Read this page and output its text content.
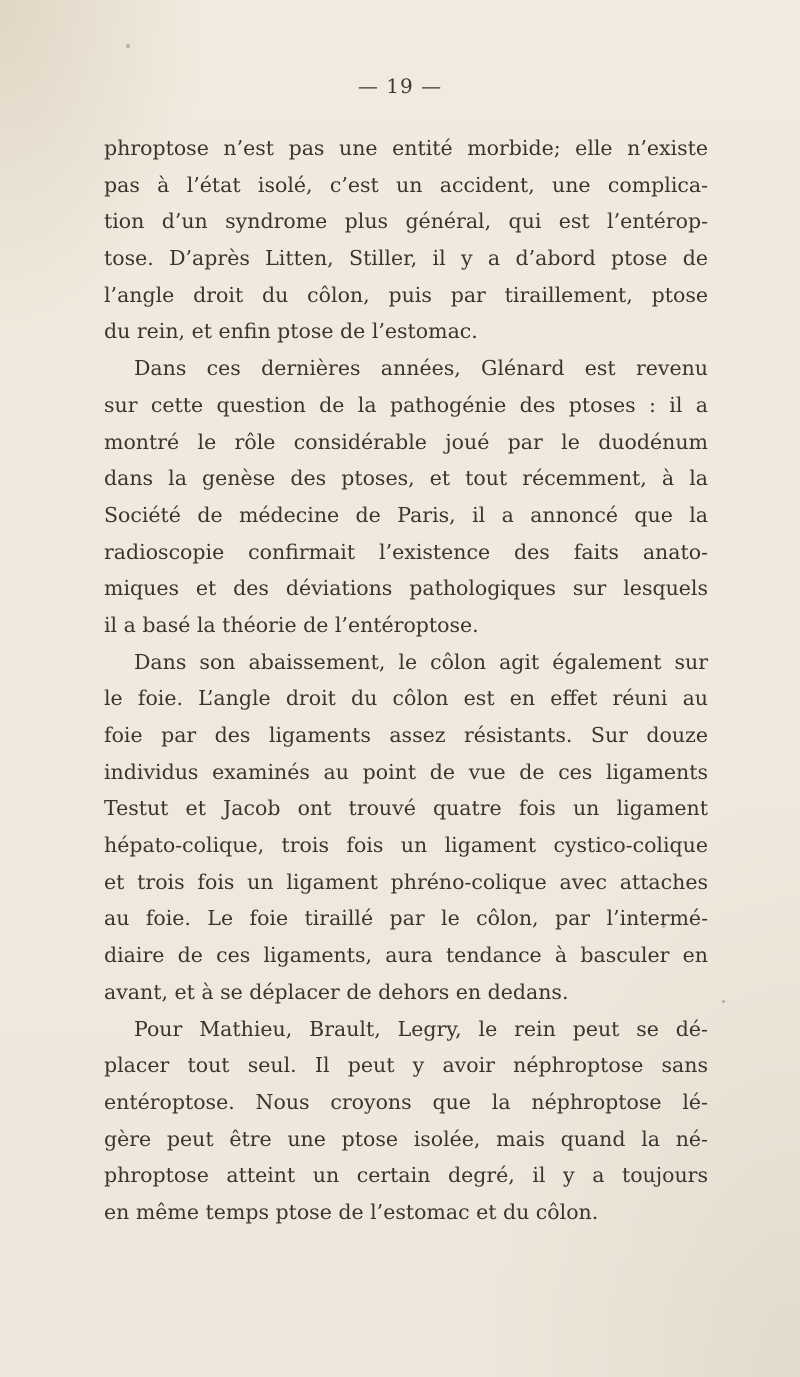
— 19 —
phroptose n’est pas une entité morbide; elle n’existe
pas à l’état isolé, c’est un accident, une complica-
tion d’un syndrome plus général, qui est l’entérop-
tose. D’après Litten, Stiller, il y a d’abord ptose de
l’angle droit du côlon, puis par tiraillement, ptose
du rein, et enfin ptose de l’estomac.
Dans ces dernières années, Glénard est revenu
sur cette question de la pathogénie des ptoses : il a
montré le rôle considérable joué par le duodénum
dans la genèse des ptoses, et tout récemment, à la
Société de médecine de Paris, il a annoncé que la
radioscopie confirmait l’existence des faits anato-
miques et des déviations pathologiques sur lesquels
il a basé la théorie de l’entéroptose.
Dans son abaissement, le côlon agit également sur
le foie. L’angle droit du côlon est en effet réuni au
foie par des ligaments assez résistants. Sur douze
individus examinés au point de vue de ces ligaments
Testut et Jacob ont trouvé quatre fois un ligament
hépato-colique, trois fois un ligament cystico-colique
et trois fois un ligament phréno-colique avec attaches
au foie. Le foie tiraillé par le côlon, par l’intermé-
diaire de ces ligaments, aura tendance à basculer en
avant, et à se déplacer de dehors en dedans.
Pour Mathieu, Brault, Legry, le rein peut se dé-
placer tout seul. Il peut y avoir néphroptose sans
entéroptose. Nous croyons que la néphroptose lé-
gère peut être une ptose isolée, mais quand la né-
phroptose atteint un certain degré, il y a toujours
en même temps ptose de l’estomac et du côlon.
